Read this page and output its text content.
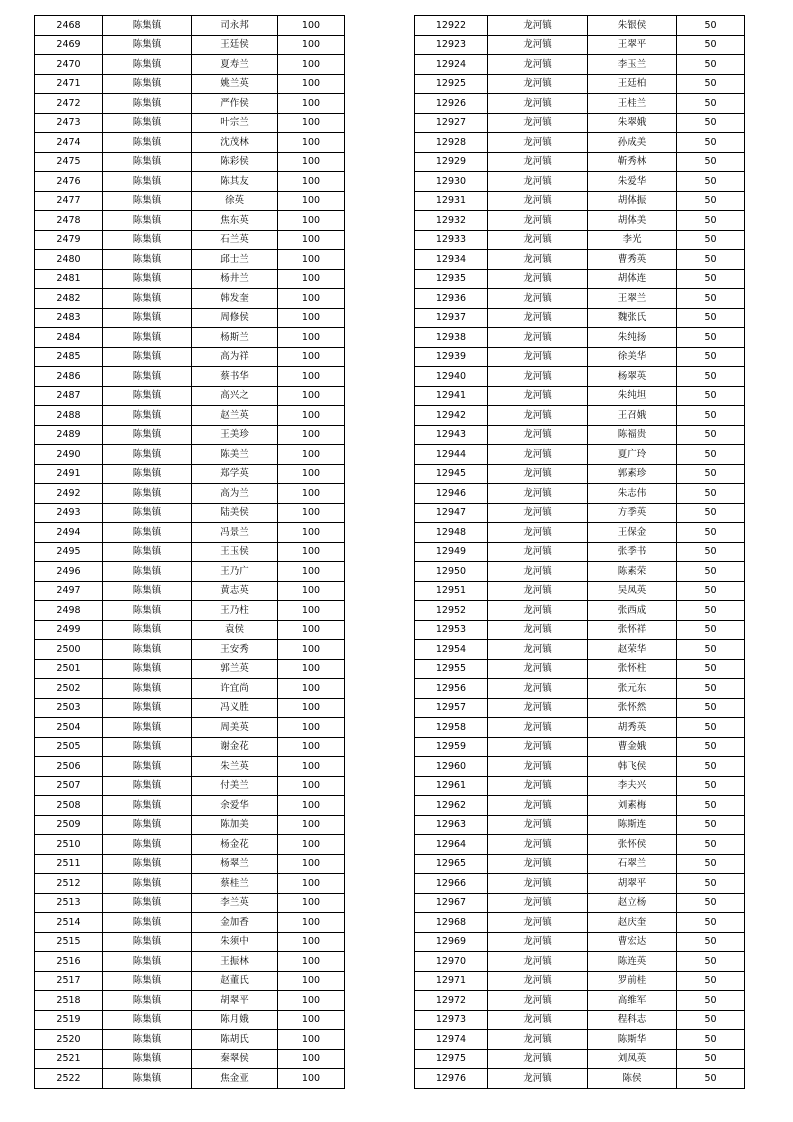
2468	陈集镇	司永邦	100
2469	陈集镇	王廷侯	100
2470	陈集镇	夏寿兰	100
2471	陈集镇	姚兰英	100
2472	陈集镇	严作侯	100
2473	陈集镇	叶宗兰	100
2474	陈集镇	沈茂林	100
2475	陈集镇	陈彩侯	100
2476	陈集镇	陈其友	100
2477	陈集镇	徐英	100
2478	陈集镇	焦东英	100
2479	陈集镇	石兰英	100
2480	陈集镇	邱士兰	100
2481	陈集镇	杨井兰	100
2482	陈集镇	韩发奎	100
2483	陈集镇	周修侯	100
2484	陈集镇	杨斯兰	100
2485	陈集镇	高为祥	100
2486	陈集镇	蔡书华	100
2487	陈集镇	高兴之	100
2488	陈集镇	赵兰英	100
2489	陈集镇	王美珍	100
2490	陈集镇	陈美兰	100
2491	陈集镇	郑学英	100
2492	陈集镇	高为兰	100
2493	陈集镇	陆美侯	100
2494	陈集镇	冯景兰	100
2495	陈集镇	王玉侯	100
2496	陈集镇	王乃广	100
2497	陈集镇	黄志英	100
2498	陈集镇	王乃柱	100
2499	陈集镇	袁侯	100
2500	陈集镇	王安秀	100
2501	陈集镇	郭兰英	100
2502	陈集镇	许宜尚	100
2503	陈集镇	冯义胜	100
2504	陈集镇	周美英	100
2505	陈集镇	谢金花	100
2506	陈集镇	朱兰英	100
2507	陈集镇	付美兰	100
2508	陈集镇	余爱华	100
2509	陈集镇	陈加美	100
2510	陈集镇	杨金花	100
2511	陈集镇	杨翠兰	100
2512	陈集镇	蔡桂兰	100
2513	陈集镇	李兰英	100
2514	陈集镇	金加香	100
2515	陈集镇	朱须中	100
2516	陈集镇	王振林	100
2517	陈集镇	赵董氏	100
2518	陈集镇	胡翠平	100
2519	陈集镇	陈月娥	100
2520	陈集镇	陈胡氏	100
2521	陈集镇	秦翠侯	100
2522	陈集镇	焦金亚	100
12922	龙河镇	朱银侯	50
12923	龙河镇	王翠平	50
12924	龙河镇	李玉兰	50
12925	龙河镇	王廷柏	50
12926	龙河镇	王桂兰	50
12927	龙河镇	朱翠娥	50
12928	龙河镇	孙成美	50
12929	龙河镇	靳秀林	50
12930	龙河镇	朱爱华	50
12931	龙河镇	胡体振	50
12932	龙河镇	胡体美	50
12933	龙河镇	李光	50
12934	龙河镇	曹秀英	50
12935	龙河镇	胡体连	50
12936	龙河镇	王翠兰	50
12937	龙河镇	魏张氏	50
12938	龙河镇	朱纯扬	50
12939	龙河镇	徐美华	50
12940	龙河镇	杨翠英	50
12941	龙河镇	朱纯坦	50
12942	龙河镇	王召娥	50
12943	龙河镇	陈福贵	50
12944	龙河镇	夏广玲	50
12945	龙河镇	郭素珍	50
12946	龙河镇	朱志伟	50
12947	龙河镇	方季英	50
12948	龙河镇	王保金	50
12949	龙河镇	张季书	50
12950	龙河镇	陈素荣	50
12951	龙河镇	吴凤英	50
12952	龙河镇	张西成	50
12953	龙河镇	张怀祥	50
12954	龙河镇	赵荣华	50
12955	龙河镇	张怀柱	50
12956	龙河镇	张元东	50
12957	龙河镇	张怀然	50
12958	龙河镇	胡秀英	50
12959	龙河镇	曹金娥	50
12960	龙河镇	韩飞侯	50
12961	龙河镇	李夫兴	50
12962	龙河镇	刘素梅	50
12963	龙河镇	陈斯连	50
12964	龙河镇	张怀侯	50
12965	龙河镇	石翠兰	50
12966	龙河镇	胡翠平	50
12967	龙河镇	赵立杨	50
12968	龙河镇	赵庆奎	50
12969	龙河镇	曹宏达	50
12970	龙河镇	陈连英	50
12971	龙河镇	罗前桂	50
12972	龙河镇	高维军	50
12973	龙河镇	程科志	50
12974	龙河镇	陈斯华	50
12975	龙河镇	刘凤英	50
12976	龙河镇	陈侯	50
